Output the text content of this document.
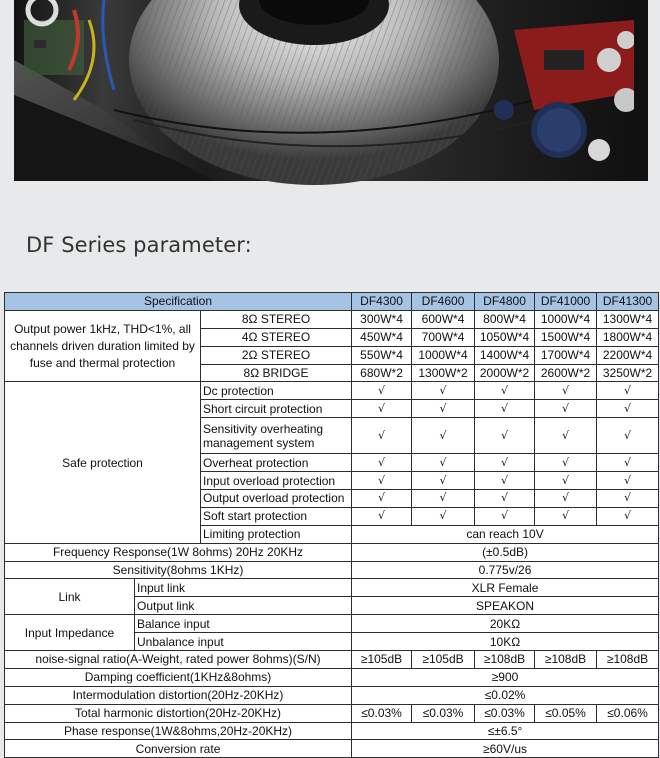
DF Series parameter:
Specification			DF4300	DF4600	DF4800	DF41000	DF41300
Output power 1kHz, THD<1%, all channels driven duration limited by fuse and thermal protection		8Ω STEREO	300W*4	600W*4	800W*4	1000W*4	1300W*4
		4Ω STEREO	450W*4	700W*4	1050W*4	1500W*4	1800W*4
		2Ω STEREO	550W*4	1000W*4	1400W*4	1700W*4	2200W*4
		8Ω BRIDGE	680W*2	1300W*2	2000W*2	2600W*2	3250W*2
Safe protection		Dc protection	√	√	√	√	√
		Short circuit protection	√	√	√	√	√
		Sensitivity overheating management system	√	√	√	√	√
		Overheat protection	√	√	√	√	√
		Input overload protection	√	√	√	√	√
		Output overload protection	√	√	√	√	√
		Soft start protection	√	√	√	√	√
		Limiting protection	can reach 10V				
Frequency Response(1W 8ohms) 20Hz 20KHz			(±0.5dB)				
Sensitivity(8ohms 1KHz)			0.775v/26				
Link	Input link		XLR Female				
	Output link		SPEAKON				
Input Impedance	Balance input		20KΩ				
	Unbalance input		10KΩ				
noise-signal ratio(A-Weight, rated power 8ohms)(S/N)			≥105dB	≥105dB	≥108dB	≥108dB	≥108dB
Damping coefficient(1KHz&8ohms)			≥900				
Intermodulation distortion(20Hz-20KHz)			≤0.02%				
Total harmonic distortion(20Hz-20KHz)			≤0.03%	≤0.03%	≤0.03%	≤0.05%	≤0.06%
Phase response(1W&8ohms,20Hz-20KHz)			≤±6.5°				
Conversion rate			≥60V/us				
